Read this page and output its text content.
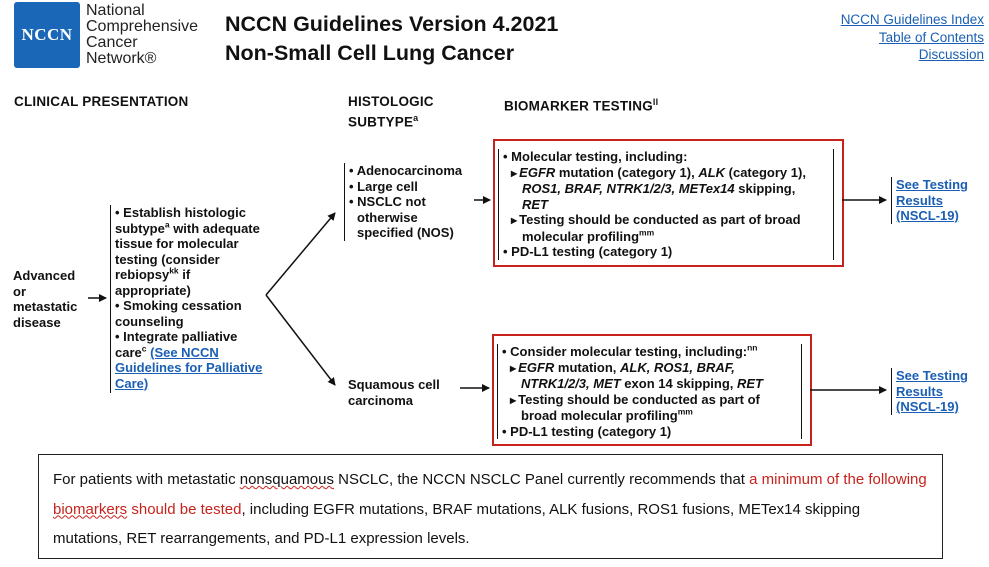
NCCN
National
Comprehensive
Cancer
Network®
NCCN Guidelines Version 4.2021
Non-Small Cell Lung Cancer
NCCN Guidelines Index
Table of Contents
Discussion
CLINICAL PRESENTATION	HISTOLOGIC
SUBTYPE$^a$
BIOMARKER $TESTING^{ll}$
Advanced
or
metastatic
disease
• Establish histologic subtype$^a$ with adequate tissue for molecular testing (consider rebiopsy$^{kk}$ if appropriate)
• Smoking cessation counseling
• Integrate palliative care$^c$ (See NCCN Guidelines for Palliative Care)
• Adenocarcinoma
• Large cell
• NSCLC not otherwise specified (NOS)
Squamous cell carcinoma
• Molecular testing, including:
▶ EGFR mutation (category 1), ALK (category 1),
ROS1, BRAF, NTRK1/2/3, METex14 skipping,
RET
▶ Testing should be conducted as part of broad molecular profiling$^{mm}$
• PD-L1 testing (category 1)
• Consider molecular testing, including:$^{nn}$
▶ EGFR mutation, ALK, ROS1, BRAF,
NTRK1/2/3, MET exon 14 skipping, RET
▶ Testing should be conducted as part of broad molecular profiling$^{mm}$
• PD-L1 testing (category 1)
See Testing
Results
(NSCL-19)
See Testing
Results
(NSCL-19)
For patients with metastatic nonsquamous NSCLC, the NCCN NSCLC Panel currently recommends that a minimum of the following biomarkers should be tested, including EGFR mutations, BRAF mutations, ALK fusions, ROS1 fusions, METex14 skipping mutations, RET rearrangements, and PD-L1 expression levels.
